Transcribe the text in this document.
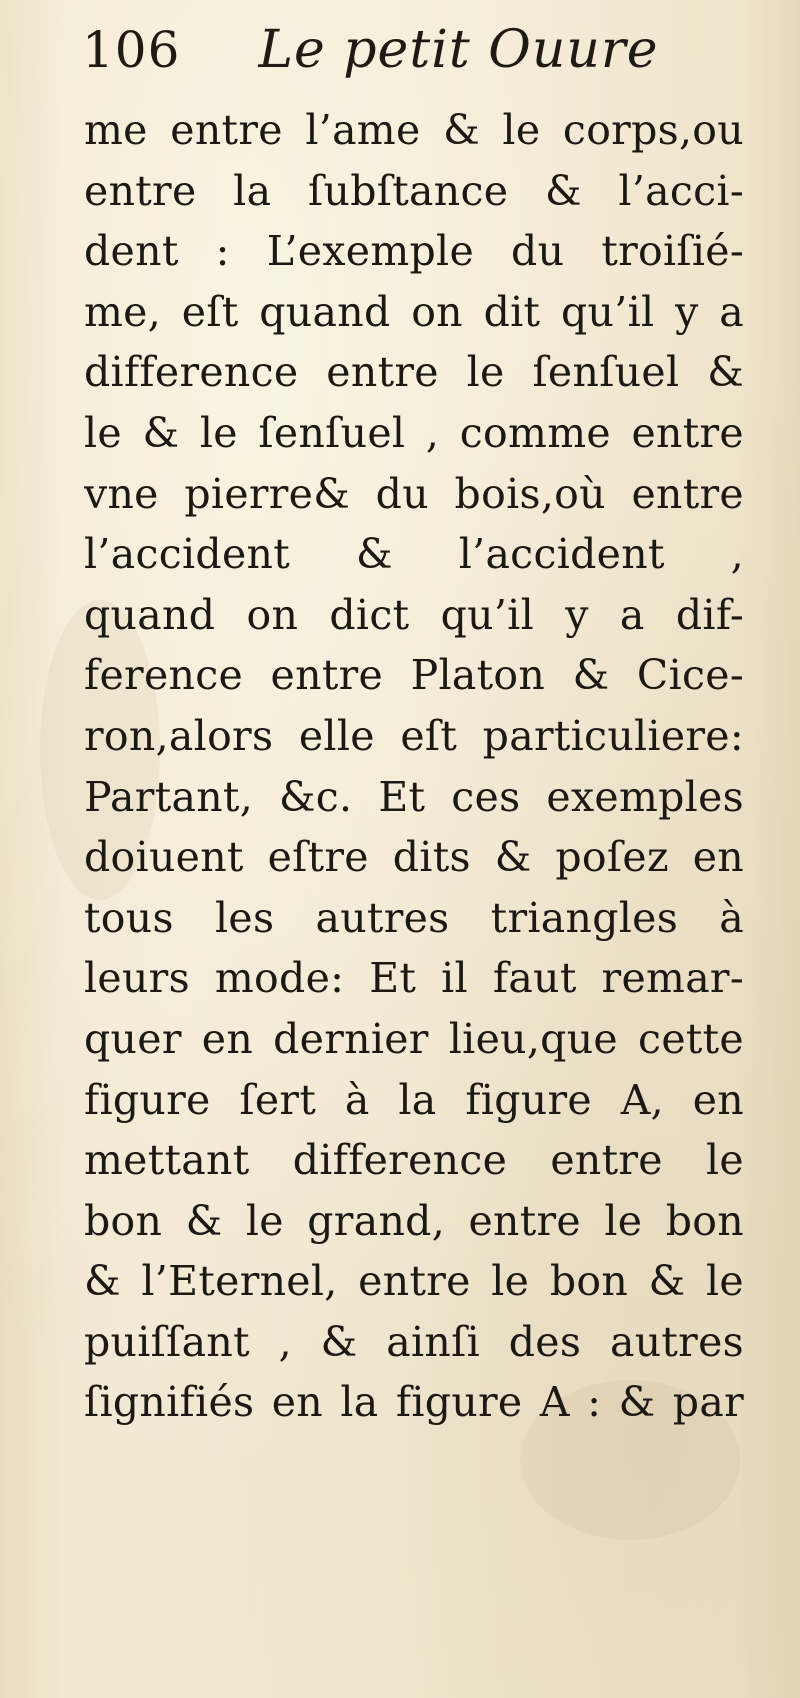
106 Le petit Ouure
me entre l’ame & le corps,ou
entre la ſubſtance & l’acci-
dent : L’exemple du troiſié-
me, eſt quand on dit qu’il y a
difference entre le ſenſuel &
le & le ſenſuel , comme entre
vne pierre& du bois,où entre
l’accident & l’accident ,
quand on dict qu’il y a dif-
ference entre Platon & Cice-
ron,alors elle eſt particuliere:
Partant, &c. Et ces exemples
doiuent eſtre dits & poſez en
tous les autres triangles à
leurs mode: Et il faut remar-
quer en dernier lieu,que cette
figure ſert à la figure A, en
mettant difference entre le
bon & le grand, entre le bon
& l’Eternel, entre le bon & le
puiſſant , & ainſi des autres
ſignifiés en la figure A : & par
